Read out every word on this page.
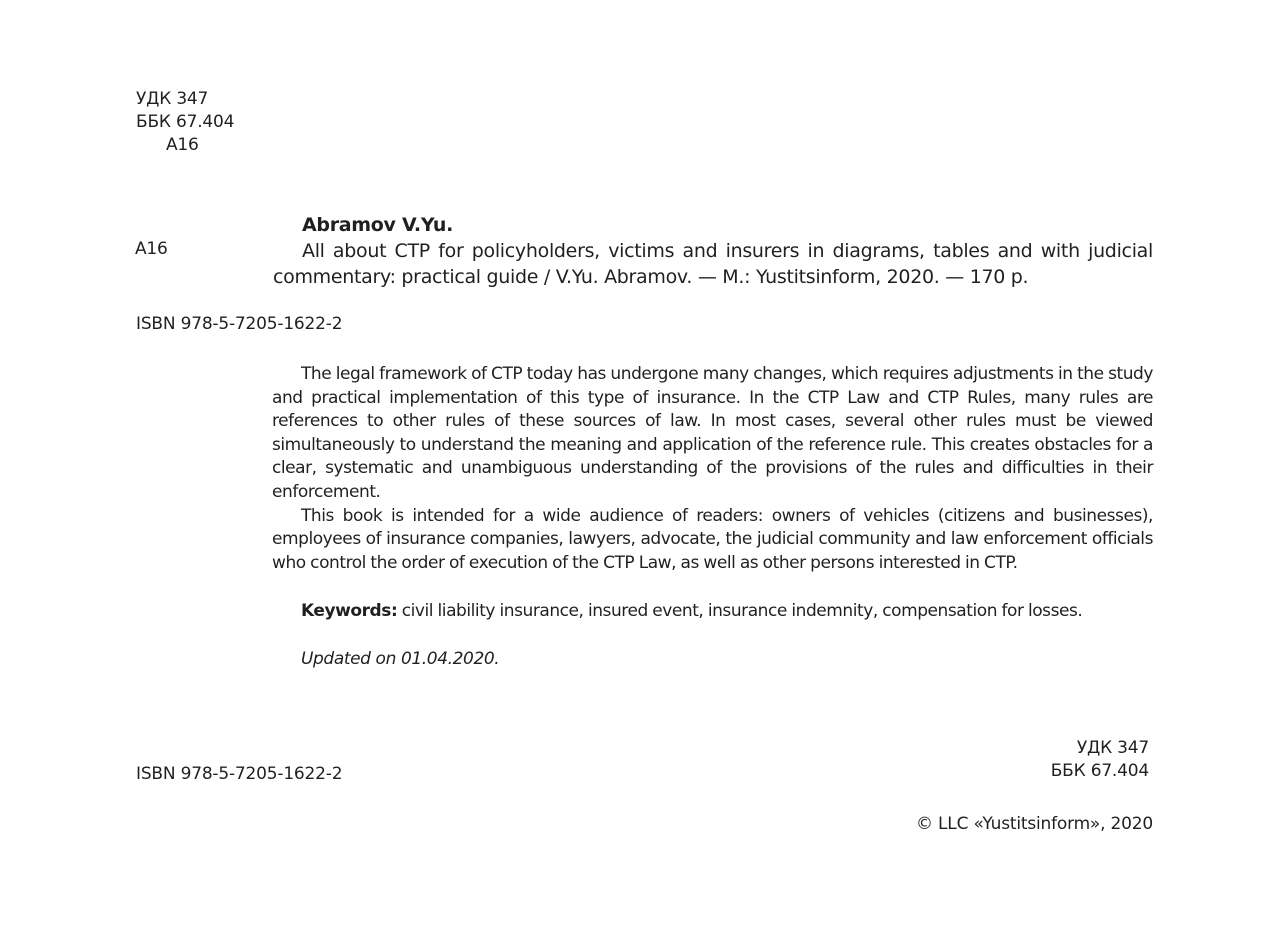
УДК 347
ББК 67.404
А16
А16
Abramov V.Yu.

All about CTP for policyholders, victims and insurers in diagrams, tables and with judicial commentary: practical guide / V.Yu. Abramov. — M.: Yustitsinform, 2020. — 170 p.

ISBN 978-5-7205-1622-2

The legal framework of CTP today has undergone many changes, which requires adjustments in the study and practical implementation of this type of insurance. In the CTP Law and CTP Rules, many rules are references to other rules of these sources of law. In most cases, several other rules must be viewed simultaneously to understand the meaning and application of the reference rule. This creates obstacles for a clear, systematic and unambiguous understanding of the provisions of the rules and difficulties in their enforcement.

This book is intended for a wide audience of readers: owners of vehicles (citizens and businesses), employees of insurance companies, lawyers, advocate, the judicial community and law enforcement officials who control the order of execution of the CTP Law, as well as other persons interested in CTP.

Keywords: civil liability insurance, insured event, insurance indemnity, compensation for losses.
Updated on 01.04.2020.
ISBN 978-5-7205-1622-2
УДК 347
ББК 67.404
© LLC «Yustitsinform», 2020
